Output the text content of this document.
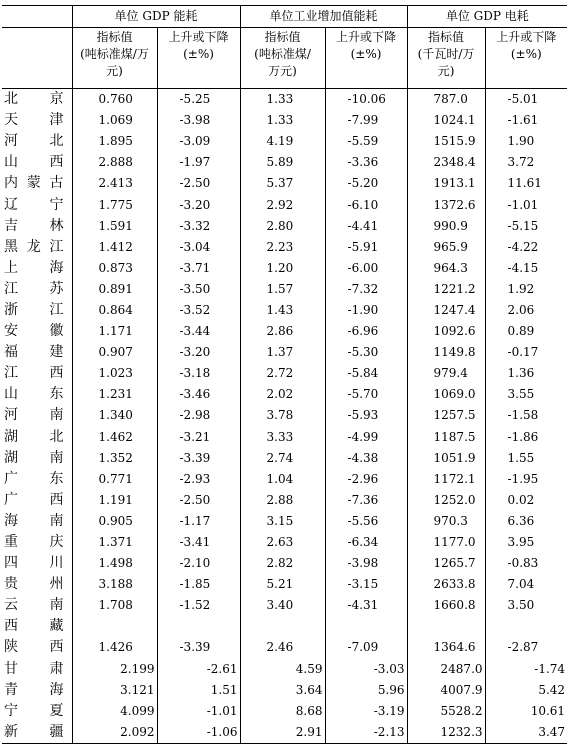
	单位 GDP 能耗		单位工业增加值能耗		单位 GDP 电耗	
	指标值
(吨标准煤/万
元)	上升或下降
(±%)	指标值
(吨标准煤/
万元)	上升或下降
(±%)	指标值
(千瓦时/万
元)	上升或下降
(±%)
北京	0.760	-5.25	1.33	-10.06	787.0	-5.01
天津	1.069	-3.98	1.33	-7.99	1024.1	-1.61
河北	1.895	-3.09	4.19	-5.59	1515.9	1.90
山西	2.888	-1.97	5.89	-3.36	2348.4	3.72
内蒙古	2.413	-2.50	5.37	-5.20	1913.1	11.61
辽宁	1.775	-3.20	2.92	-6.10	1372.6	-1.01
吉林	1.591	-3.32	2.80	-4.41	990.9	-5.15
黑龙江	1.412	-3.04	2.23	-5.91	965.9	-4.22
上海	0.873	-3.71	1.20	-6.00	964.3	-4.15
江苏	0.891	-3.50	1.57	-7.32	1221.2	1.92
浙江	0.864	-3.52	1.43	-1.90	1247.4	2.06
安徽	1.171	-3.44	2.86	-6.96	1092.6	0.89
福建	0.907	-3.20	1.37	-5.30	1149.8	-0.17
江西	1.023	-3.18	2.72	-5.84	979.4	1.36
山东	1.231	-3.46	2.02	-5.70	1069.0	3.55
河南	1.340	-2.98	3.78	-5.93	1257.5	-1.58
湖北	1.462	-3.21	3.33	-4.99	1187.5	-1.86
湖南	1.352	-3.39	2.74	-4.38	1051.9	1.55
广东	0.771	-2.93	1.04	-2.96	1172.1	-1.95
广西	1.191	-2.50	2.88	-7.36	1252.0	0.02
海南	0.905	-1.17	3.15	-5.56	970.3	6.36
重庆	1.371	-3.41	2.63	-6.34	1177.0	3.95
四川	1.498	-2.10	2.82	-3.98	1265.7	-0.83
贵州	3.188	-1.85	5.21	-3.15	2633.8	7.04
云南	1.708	-1.52	3.40	-4.31	1660.8	3.50
西藏						
陕西	1.426	-3.39	2.46	-7.09	1364.6	-2.87
甘肃	2.199	-2.61	4.59	-3.03	2487.0	-1.74
青海	3.121	1.51	3.64	5.96	4007.9	5.42
宁夏	4.099	-1.01	8.68	-3.19	5528.2	10.61
新疆	2.092	-1.06	2.91	-2.13	1232.3	3.47
